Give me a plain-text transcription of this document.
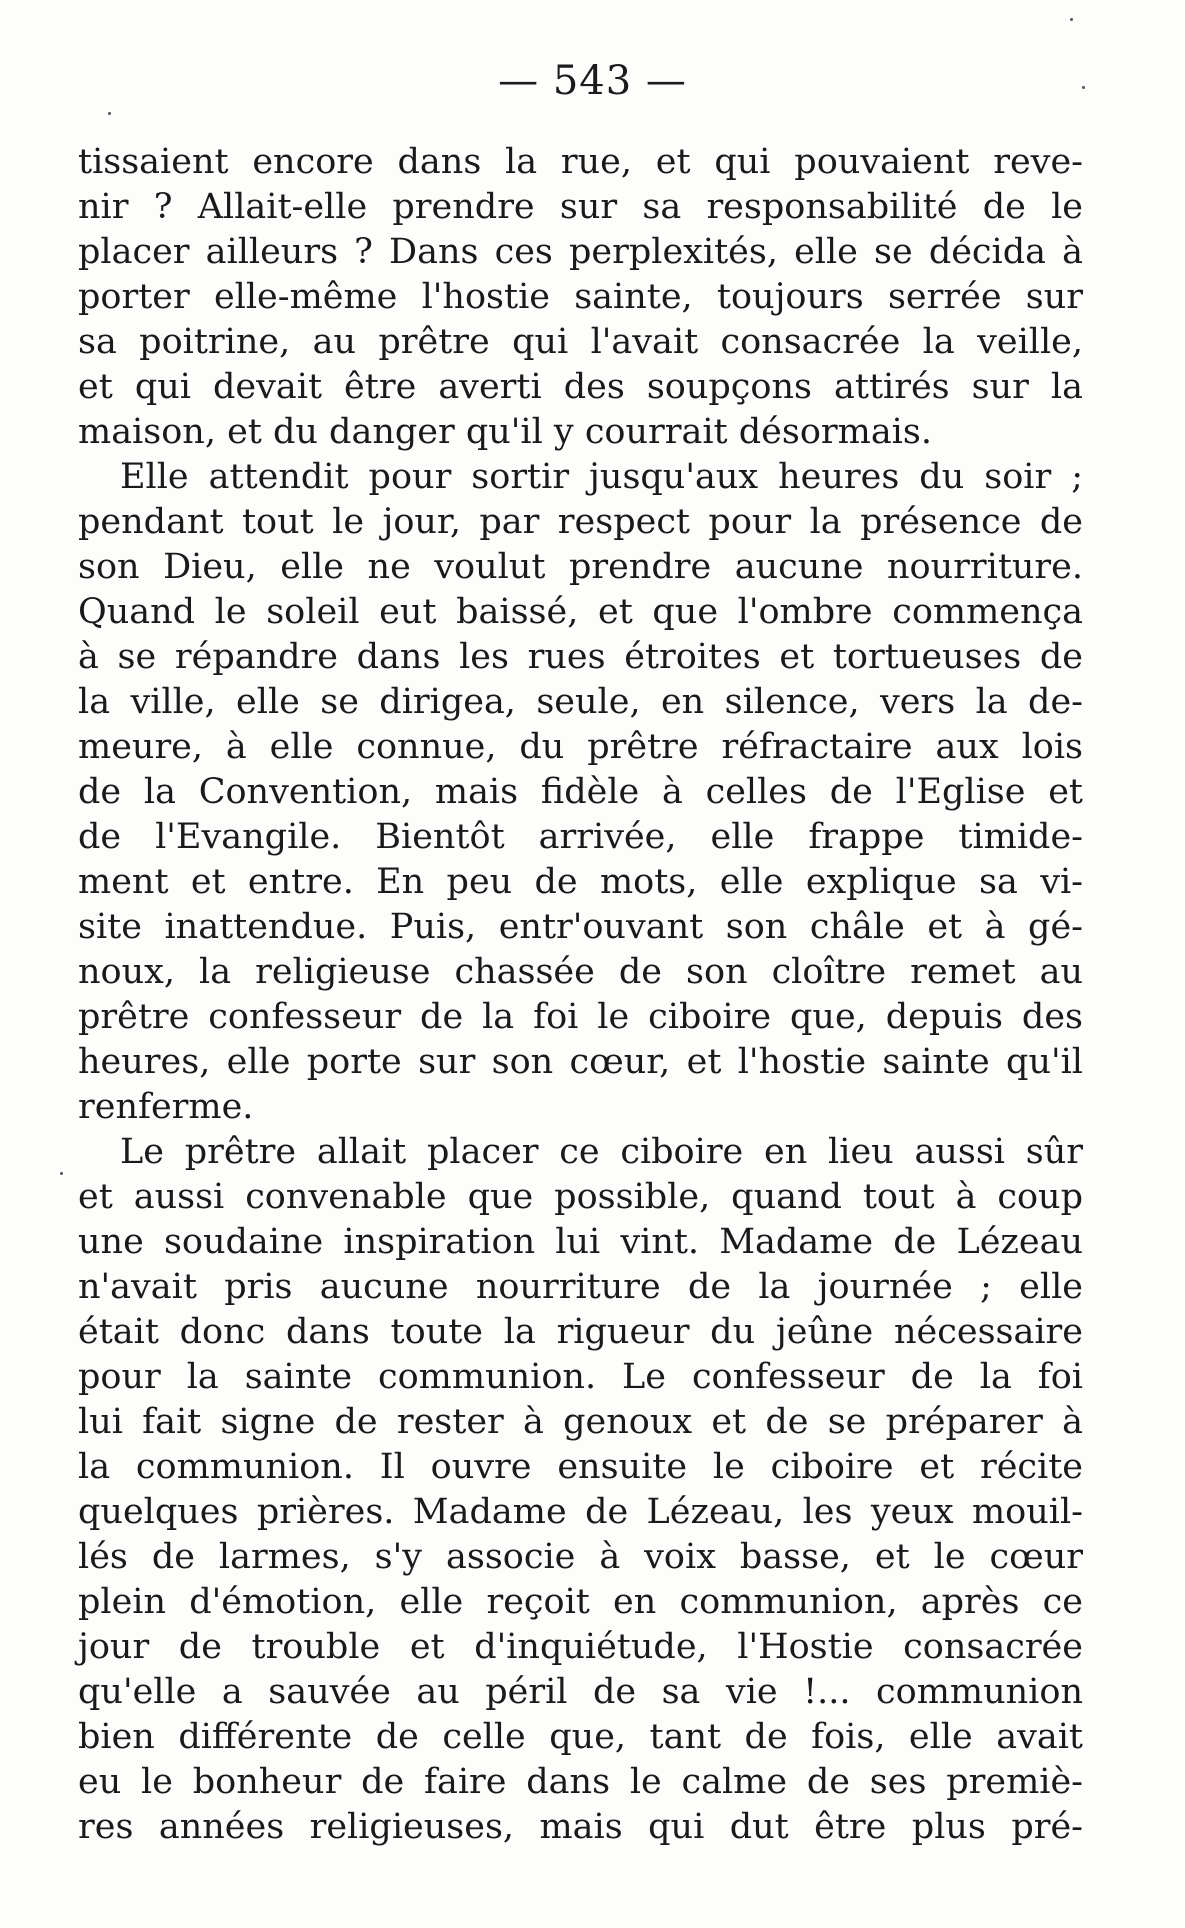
— 543 —
tissaient encore dans la rue, et qui pouvaient reve-
nir ? Allait-elle prendre sur sa responsabilité de le
placer ailleurs ? Dans ces perplexités, elle se décida à
porter elle-même l'hostie sainte, toujours serrée sur
sa poitrine, au prêtre qui l'avait consacrée la veille,
et qui devait être averti des soupçons attirés sur la
maison, et du danger qu'il y courrait désormais.
Elle attendit pour sortir jusqu'aux heures du soir ;
pendant tout le jour, par respect pour la présence de
son Dieu, elle ne voulut prendre aucune nourriture.
Quand le soleil eut baissé, et que l'ombre commença
à se répandre dans les rues étroites et tortueuses de
la ville, elle se dirigea, seule, en silence, vers la de-
meure, à elle connue, du prêtre réfractaire aux lois
de la Convention, mais fidèle à celles de l'Eglise et
de l'Evangile. Bientôt arrivée, elle frappe timide-
ment et entre. En peu de mots, elle explique sa vi-
site inattendue. Puis, entr'ouvant son châle et à gé-
noux, la religieuse chassée de son cloître remet au
prêtre confesseur de la foi le ciboire que, depuis des
heures, elle porte sur son cœur, et l'hostie sainte qu'il
renferme.
Le prêtre allait placer ce ciboire en lieu aussi sûr
et aussi convenable que possible, quand tout à coup
une soudaine inspiration lui vint. Madame de Lézeau
n'avait pris aucune nourriture de la journée ; elle
était donc dans toute la rigueur du jeûne nécessaire
pour la sainte communion. Le confesseur de la foi
lui fait signe de rester à genoux et de se préparer à
la communion. Il ouvre ensuite le ciboire et récite
quelques prières. Madame de Lézeau, les yeux mouil-
lés de larmes, s'y associe à voix basse, et le cœur
plein d'émotion, elle reçoit en communion, après ce
jour de trouble et d'inquiétude, l'Hostie consacrée
qu'elle a sauvée au péril de sa vie !... communion
bien différente de celle que, tant de fois, elle avait
eu le bonheur de faire dans le calme de ses premiè-
res années religieuses, mais qui dut être plus pré-
